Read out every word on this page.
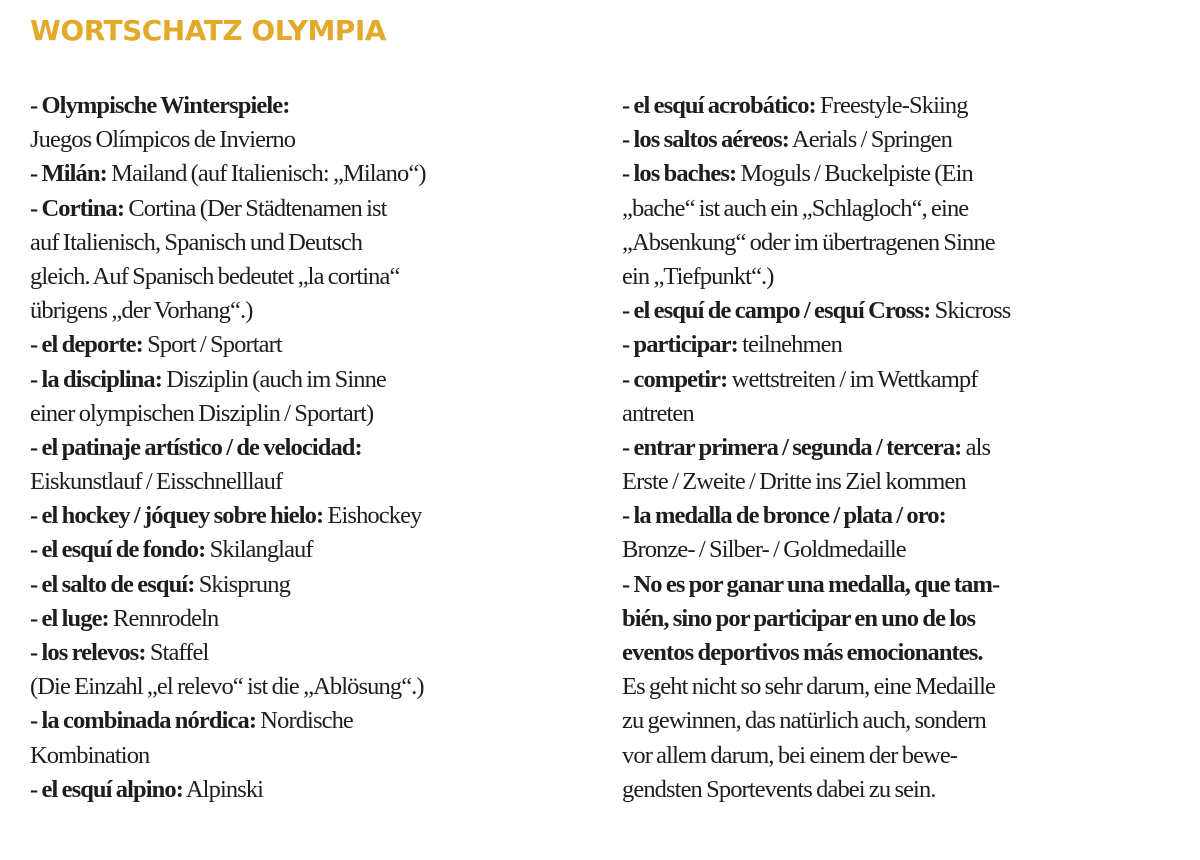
WORTSCHATZ OLYMPIA
- Olympische Winterspiele:
Juegos Olímpicos de Invierno
- Milán: Mailand (auf Italienisch: „Milano“)
- Cortina: Cortina (Der Städtenamen ist
auf Italienisch, Spanisch und Deutsch
gleich. Auf Spanisch bedeutet „la cortina“
übrigens „der Vorhang“.)
- el deporte: Sport / Sportart
- la disciplina: Disziplin (auch im Sinne
einer olympischen Disziplin / Sportart)
- el patinaje artístico / de velocidad:
Eiskunstlauf / Eisschnelllauf
- el hockey / jóquey sobre hielo: Eishockey
- el esquí de fondo: Skilanglauf
- el salto de esquí: Skisprung
- el luge: Rennrodeln
- los relevos: Staffel
(Die Einzahl „el relevo“ ist die „Ablösung“.)
- la combinada nórdica: Nordische
Kombination
- el esquí alpino: Alpinski
- el esquí acrobático: Freestyle-Skiing
- los saltos aéreos: Aerials / Springen
- los baches: Moguls / Buckelpiste (Ein
„bache“ ist auch ein „Schlagloch“, eine
„Absenkung“ oder im übertragenen Sinne
ein „Tiefpunkt“.)
- el esquí de campo / esquí Cross: Skicross
- participar: teilnehmen
- competir: wettstreiten / im Wettkampf
antreten
- entrar primera / segunda / tercera: als
Erste / Zweite / Dritte ins Ziel kommen
- la medalla de bronce / plata / oro:
Bronze- / Silber- / Goldmedaille
- No es por ganar una medalla, que tam-
bién, sino por participar en uno de los
eventos deportivos más emocionantes.
Es geht nicht so sehr darum, eine Medaille
zu gewinnen, das natürlich auch, sondern
vor allem darum, bei einem der bewe-
gendsten Sportevents dabei zu sein.
